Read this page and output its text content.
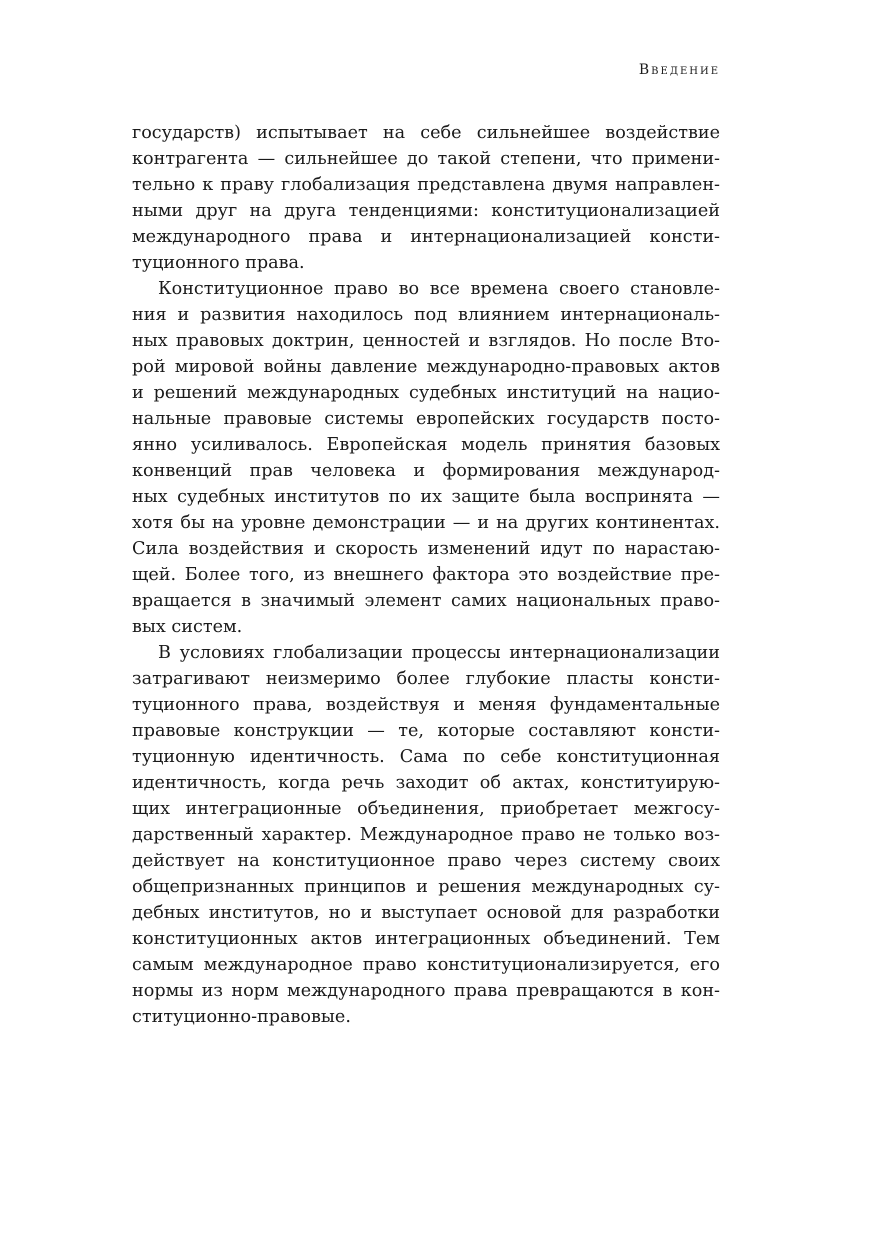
Введение
государств) испытывает на себе сильнейшее воздействие
контрагента — сильнейшее до такой степени, что примени-
тельно к праву глобализация представлена двумя направлен-
ными друг на друга тенденциями: конституционализацией
международного права и интернационализацией консти-
туционного права.
Конституционное право во все времена своего становле-
ния и развития находилось под влиянием интернациональ-
ных правовых доктрин, ценностей и взглядов. Но после Вто-
рой мировой войны давление международно-правовых актов
и решений международных судебных институций на нацио-
нальные правовые системы европейских государств посто-
янно усиливалось. Европейская модель принятия базовых
конвенций прав человека и формирования международ-
ных судебных институтов по их защите была воспринята —
хотя бы на уровне демонстрации — и на других континентах.
Сила воздействия и скорость изменений идут по нарастаю-
щей. Более того, из внешнего фактора это воздействие пре-
вращается в значимый элемент самих национальных право-
вых систем.
В условиях глобализации процессы интернационализации
затрагивают неизмеримо более глубокие пласты консти-
туционного права, воздействуя и меняя фундаментальные
правовые конструкции — те, которые составляют консти-
туционную идентичность. Сама по себе конституционная
идентичность, когда речь заходит об актах, конституирую-
щих интеграционные объединения, приобретает межгосу-
дарственный характер. Международное право не только воз-
действует на конституционное право через систему своих
общепризнанных принципов и решения международных су-
дебных институтов, но и выступает основой для разработки
конституционных актов интеграционных объединений. Тем
самым международное право конституционализируется, его
нормы из норм международного права превращаются в кон-
ституционно-правовые.
